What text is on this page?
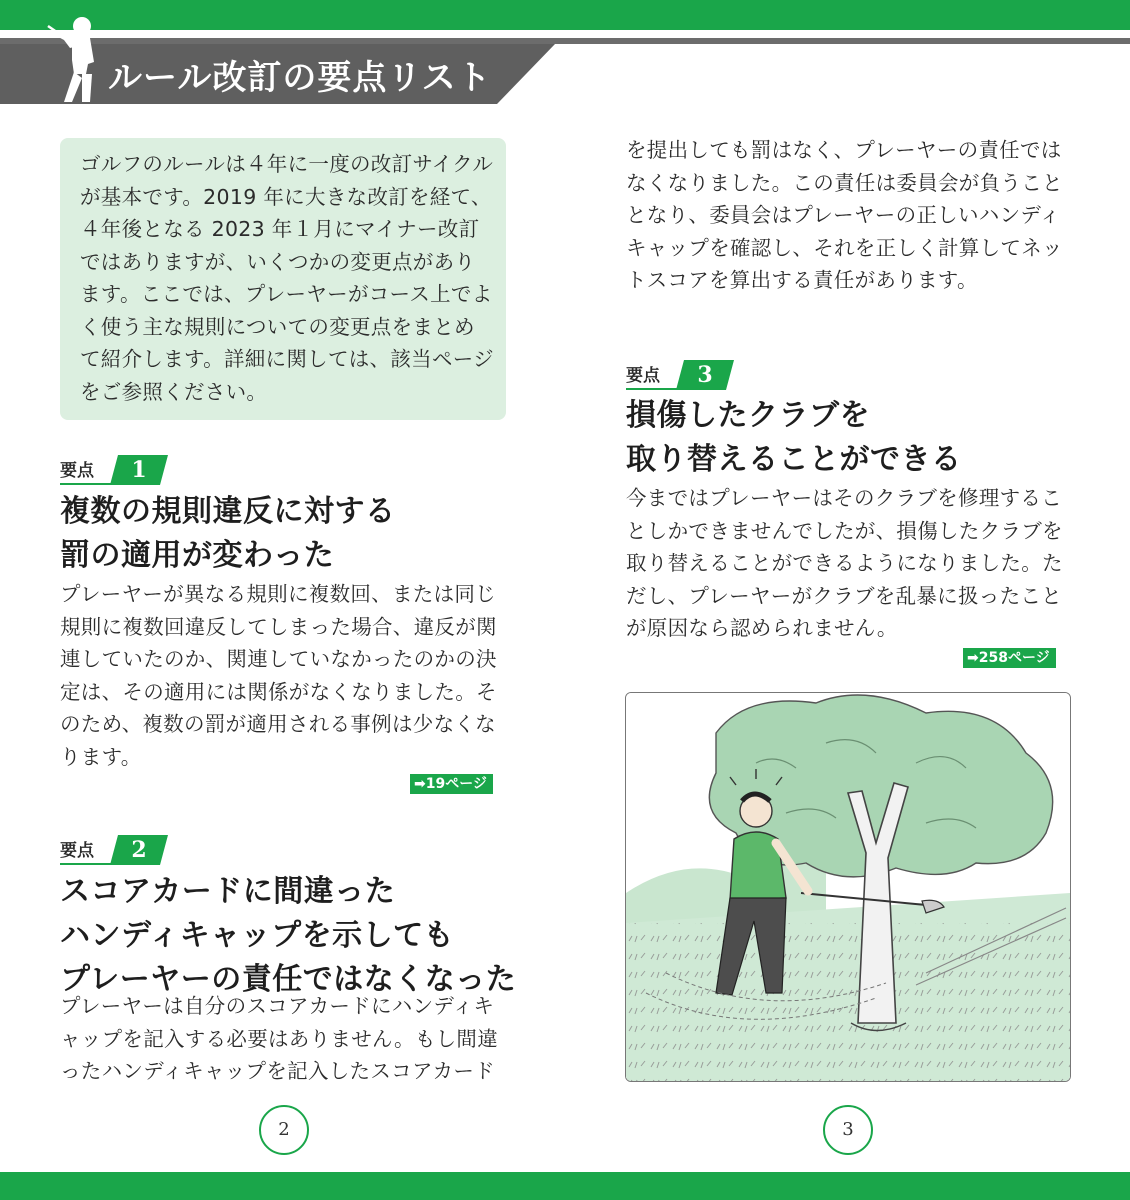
ルール改訂の要点リスト

ゴルフのルールは４年に一度の改訂サイクルが基本です。2019 年に大きな改訂を経て、４年後となる 2023 年１月にマイナー改訂ではありますが、いくつかの変更点があります。ここでは、プレーヤーがコース上でよく使う主な規則についての変更点をまとめて紹介します。詳細に関しては、該当ページをご参照ください。

要点	1
複数の規則違反に対する
罰の適用が変わった

プレーヤーが異なる規則に複数回、または同じ規則に複数回違反してしまった場合、違反が関連していたのか、関連していなかったのかの決定は、その適用には関係がなくなりました。そのため、複数の罰が適用される事例は少なくなります。

➡19ページ
要点	2
スコアカードに間違った
ハンディキャップを示しても
プレーヤーの責任ではなくなった

プレーヤーは自分のスコアカードにハンディキャップを記入する必要はありません。もし間違ったハンディキャップを記入したスコアカード

を提出しても罰はなく、プレーヤーの責任ではなくなりました。この責任は委員会が負うこととなり、委員会はプレーヤーの正しいハンディキャップを確認し、それを正しく計算してネットスコアを算出する責任があります。

要点	3
損傷したクラブを
取り替えることができる

今まではプレーヤーはそのクラブを修理することしかできませんでしたが、損傷したクラブを取り替えることができるようになりました。ただし、プレーヤーがクラブを乱暴に扱ったことが原因なら認められません。

➡258ページ
2	3
